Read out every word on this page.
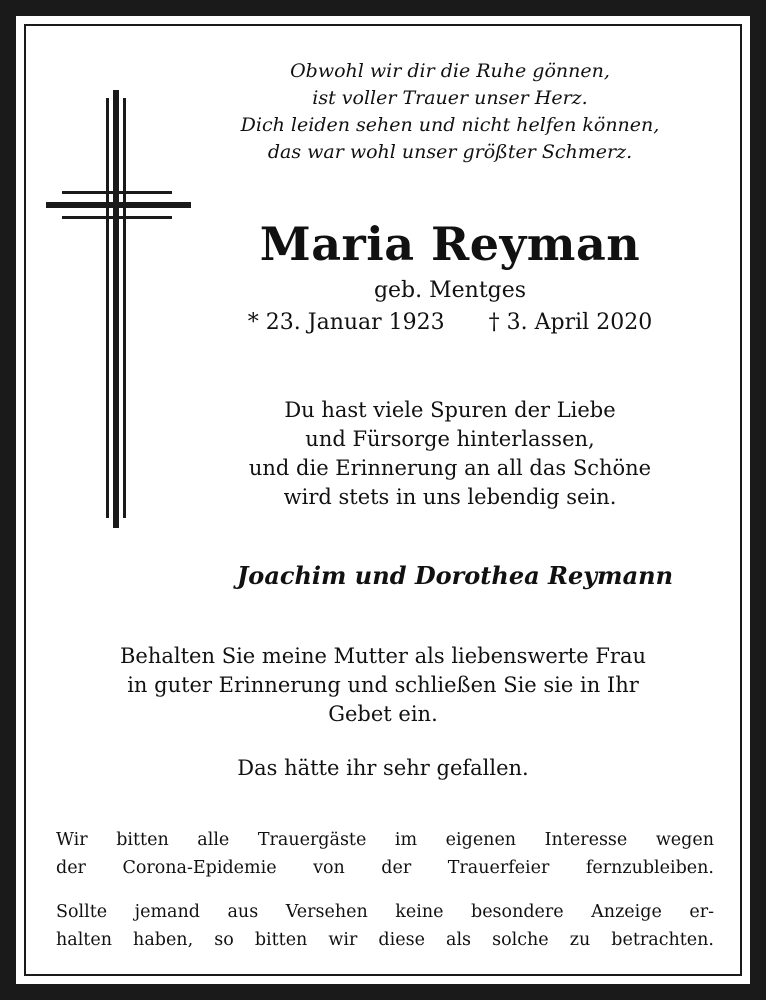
Obwohl wir dir die Ruhe gönnen,
ist voller Trauer unser Herz.
Dich leiden sehen und nicht helfen können,
das war wohl unser größter Schmerz.

Maria Reyman

geb. Mentges

* 23. Januar 1923 † 3. April 2020

Du hast viele Spuren der Liebe
und Fürsorge hinterlassen,
und die Erinnerung an all das Schöne
wird stets in uns lebendig sein.

Joachim und Dorothea Reymann

Behalten Sie meine Mutter als liebenswerte Frau
in guter Erinnerung und schließen Sie sie in Ihr
Gebet ein.

Das hätte ihr sehr gefallen.

Wir bitten alle Trauergäste im eigenen Interesse wegen
der Corona-Epidemie von der Trauerfeier fernzubleiben.

Sollte jemand aus Versehen keine besondere Anzeige er-
halten haben, so bitten wir diese als solche zu betrachten.
